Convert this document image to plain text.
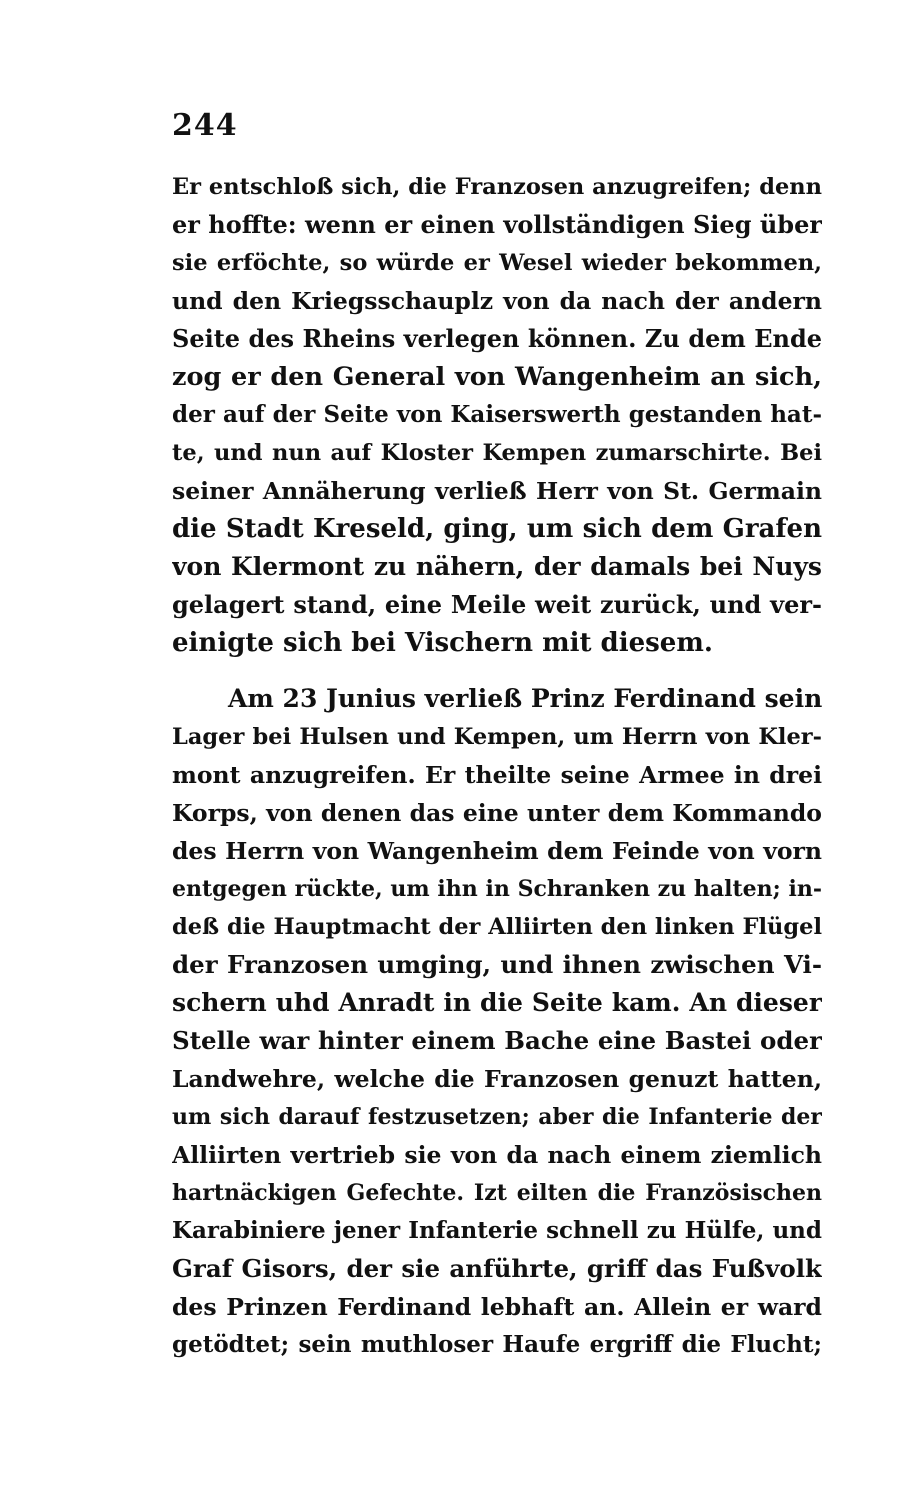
244
Er entschloß sich, die Franzosen anzugreifen; denn
er hoffte: wenn er einen vollständigen Sieg über
sie erföchte, so würde er Wesel wieder bekommen,
und den Kriegsschauplz von da nach der andern
Seite des Rheins verlegen können. Zu dem Ende
zog er den General von Wangenheim an sich,
der auf der Seite von Kaiserswerth gestanden hat-
te, und nun auf Kloster Kempen zumarschirte. Bei
seiner Annäherung verließ Herr von St. Germain
die Stadt Kreseld, ging, um sich dem Grafen
von Klermont zu nähern, der damals bei Nuys
gelagert stand, eine Meile weit zurück, und ver-
einigte sich bei Vischern mit diesem.
Am 23 Junius verließ Prinz Ferdinand sein
Lager bei Hulsen und Kempen, um Herrn von Kler-
mont anzugreifen. Er theilte seine Armee in drei
Korps, von denen das eine unter dem Kommando
des Herrn von Wangenheim dem Feinde von vorn
entgegen rückte, um ihn in Schranken zu halten; in-
deß die Hauptmacht der Alliirten den linken Flügel
der Franzosen umging, und ihnen zwischen Vi-
schern uhd Anradt in die Seite kam. An dieser
Stelle war hinter einem Bache eine Bastei oder
Landwehre, welche die Franzosen genuzt hatten,
um sich darauf festzusetzen; aber die Infanterie der
Alliirten vertrieb sie von da nach einem ziemlich
hartnäckigen Gefechte. Izt eilten die Französischen
Karabiniere jener Infanterie schnell zu Hülfe, und
Graf Gisors, der sie anführte, griff das Fußvolk
des Prinzen Ferdinand lebhaft an. Allein er ward
getödtet; sein muthloser Haufe ergriff die Flucht;
